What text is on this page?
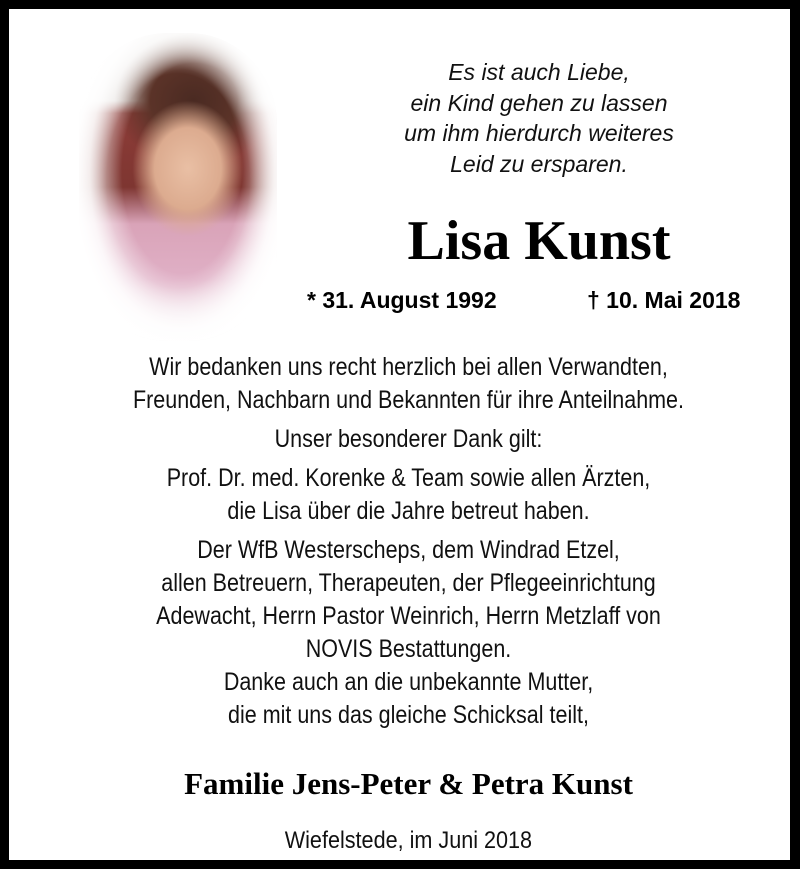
Es ist auch Liebe,
ein Kind gehen zu lassen
um ihm hierdurch weiteres
Leid zu ersparen.
Lisa Kunst
* 31. August 1992	† 10. Mai 2018
Wir bedanken uns recht herzlich bei allen Verwandten,
Freunden, Nachbarn und Bekannten für ihre Anteilnahme.
Unser besonderer Dank gilt:
Prof. Dr. med. Korenke & Team sowie allen Ärzten,
die Lisa über die Jahre betreut haben.
Der WfB Westerscheps, dem Windrad Etzel,
allen Betreuern, Therapeuten, der Pflegeeinrichtung
Adewacht, Herrn Pastor Weinrich, Herrn Metzlaff von
NOVIS Bestattungen.
Danke auch an die unbekannte Mutter,
die mit uns das gleiche Schicksal teilt,
Familie Jens-Peter & Petra Kunst
Wiefelstede, im Juni 2018
